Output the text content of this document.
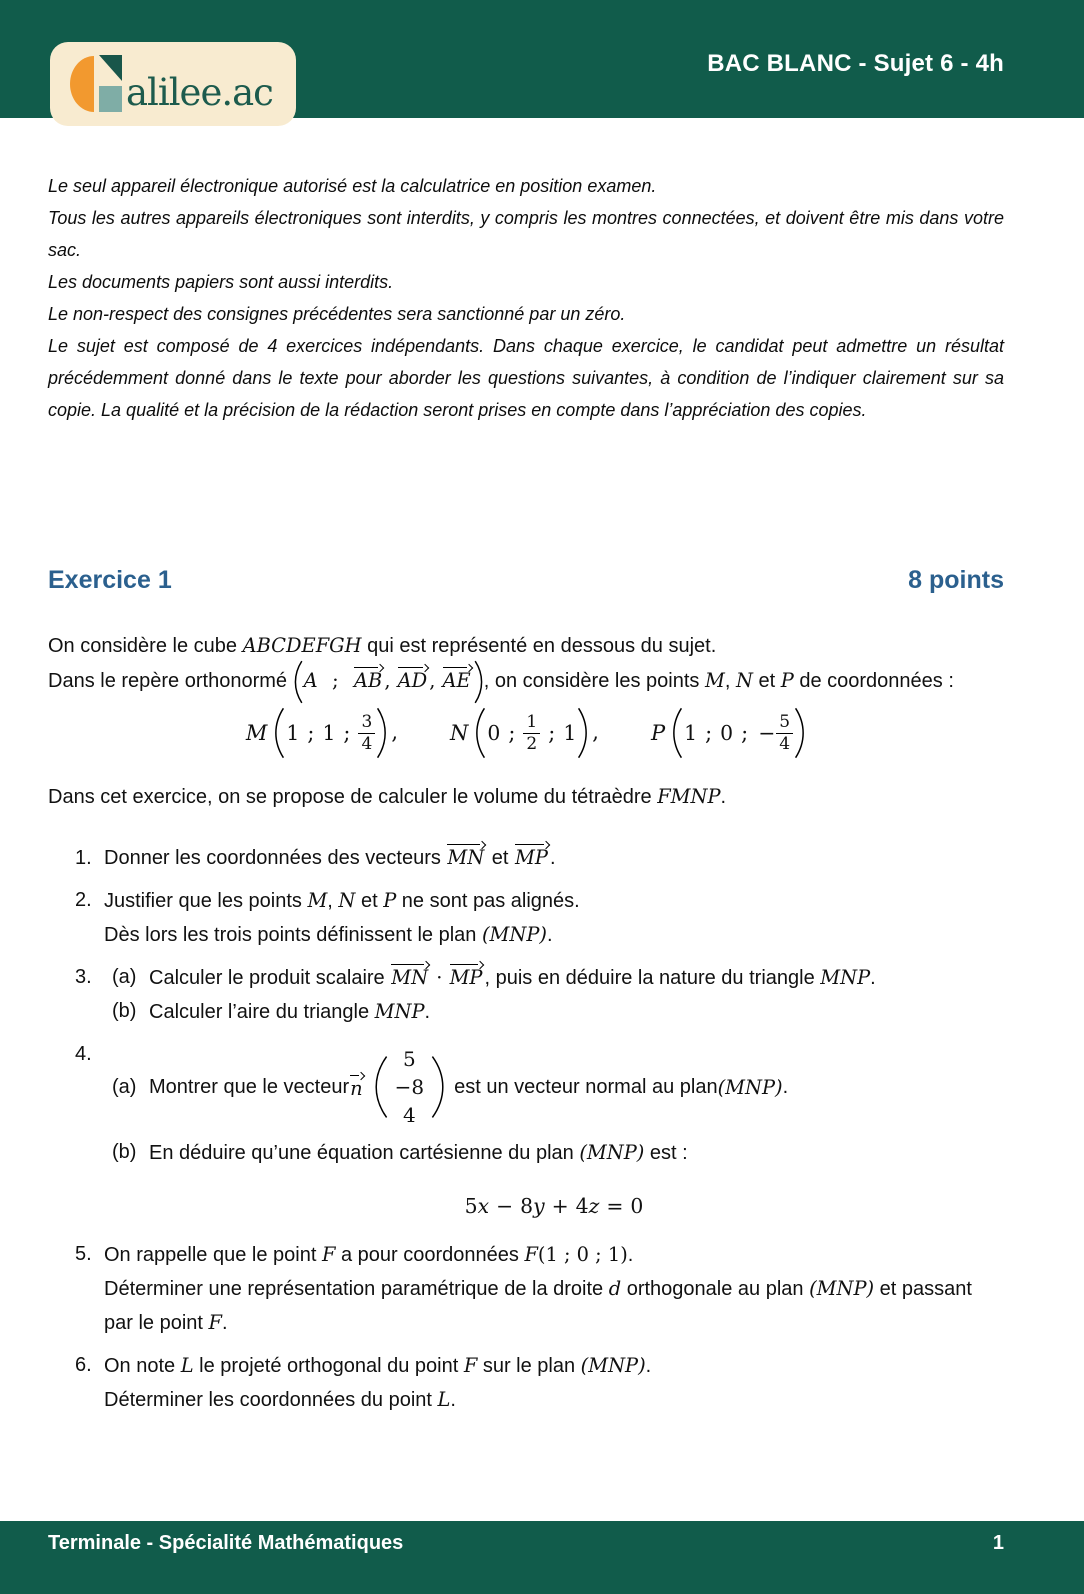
alilee.ac
BAC BLANC - Sujet 6 - 4h

Le seul appareil électronique autorisé est la calculatrice en position examen.

Tous les autres appareils électroniques sont interdits, y compris les montres connectées, et doivent être mis dans votre sac.

Les documents papiers sont aussi interdits.

Le non-respect des consignes précédentes sera sanctionné par un zéro.

Le sujet est composé de 4 exercices indépendants. Dans chaque exercice, le candidat peut admettre un résultat précédemment donné dans le texte pour aborder les questions suivantes, à condition de l’indiquer clairement sur sa copie. La qualité et la précision de la rédaction seront prises en compte dans l’appréciation des copies.

Exercice 1	8 points

On considère le cube ABCDEFGH qui est représenté en dessous du sujet.

Dans le repère orthonormé A ; AB , AD , AE , on considère les points M, N et P de coordonnées :

M 1 ; 1 ; $\frac{3}{4}$ , N 0 ; $\frac{1}{2}$ ; 1 , P 1 ; 0 ; − $\frac{5}{4}$

Dans cet exercice, on se propose de calculer le volume du tétraèdre FMNP.

1. Donner les coordonnées des vecteurs MN et MP .

2. Justifier que les points M, N et P ne sont pas alignés.

Dès lors les trois points définissent le plan (MNP).

3.	(a) Calculer le produit scalaire MN · MP , puis en déduire la nature du triangle MNP.
(b) Calculer l’aire du triangle MNP.
4.
(a) Montrer que le vecteur n
5
−8
4
est un vecteur normal au plan (MNP) .
(b) En déduire qu’une équation cartésienne du plan (MNP) est :
5x − 8y + 4z = 0
5. On rappelle que le point F a pour coordonnées F(1 ; 0 ; 1).

Déterminer une représentation paramétrique de la droite d orthogonale au plan (MNP) et passant par le point F.

6. On note L le projeté orthogonal du point F sur le plan (MNP).

Déterminer les coordonnées du point L.

Terminale - Spécialité Mathématiques	1
